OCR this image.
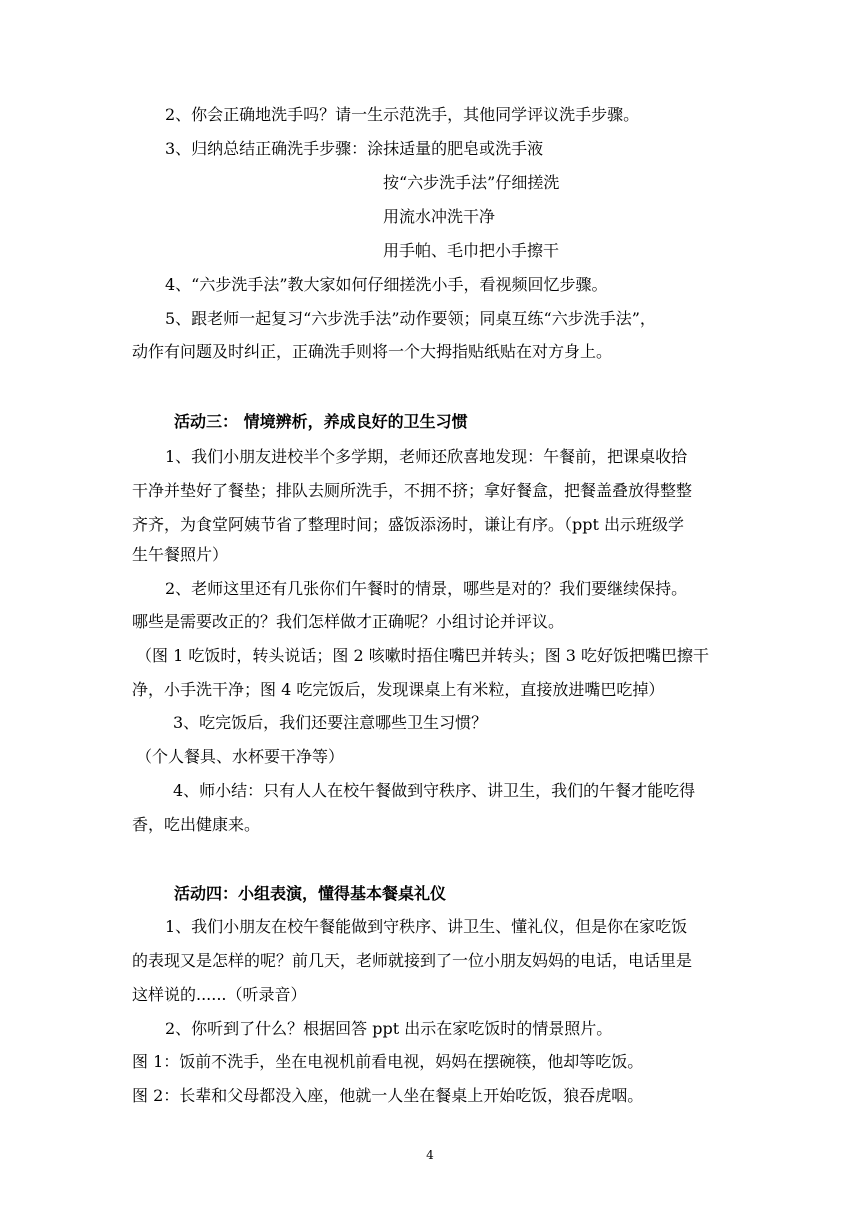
2、你会正确地洗手吗？请一生示范洗手，其他同学评议洗手步骤。
3、归纳总结正确洗手步骤：涂抹适量的肥皂或洗手液
按“六步洗手法”仔细搓洗
用流水冲洗干净
用手帕、毛巾把小手擦干
4、“六步洗手法”教大家如何仔细搓洗小手，看视频回忆步骤。
5、跟老师一起复习“六步洗手法”动作要领；同桌互练“六步洗手法”，
动作有问题及时纠正，正确洗手则将一个大拇指贴纸贴在对方身上。
活动三： 情境辨析，养成良好的卫生习惯
1、我们小朋友进校半个多学期，老师还欣喜地发现：午餐前，把课桌收拾
干净并垫好了餐垫；排队去厕所洗手，不拥不挤；拿好餐盒，把餐盖叠放得整整
齐齐，为食堂阿姨节省了整理时间；盛饭添汤时，谦让有序。（ppt 出示班级学
生午餐照片）
2、老师这里还有几张你们午餐时的情景，哪些是对的？我们要继续保持。
哪些是需要改正的？我们怎样做才正确呢？小组讨论并评议。
（图 1 吃饭时，转头说话；图 2 咳嗽时捂住嘴巴并转头；图 3 吃好饭把嘴巴擦干
净，小手洗干净；图 4 吃完饭后，发现课桌上有米粒，直接放进嘴巴吃掉）
3、吃完饭后，我们还要注意哪些卫生习惯？
（个人餐具、水杯要干净等）
4、师小结：只有人人在校午餐做到守秩序、讲卫生，我们的午餐才能吃得
香，吃出健康来。
活动四：小组表演，懂得基本餐桌礼仪
1、我们小朋友在校午餐能做到守秩序、讲卫生、懂礼仪，但是你在家吃饭
的表现又是怎样的呢？前几天，老师就接到了一位小朋友妈妈的电话，电话里是
这样说的......（听录音）
2、你听到了什么？根据回答 ppt 出示在家吃饭时的情景照片。
图 1：饭前不洗手，坐在电视机前看电视，妈妈在摆碗筷，他却等吃饭。
图 2：长辈和父母都没入座，他就一人坐在餐桌上开始吃饭，狼吞虎咽。
4
